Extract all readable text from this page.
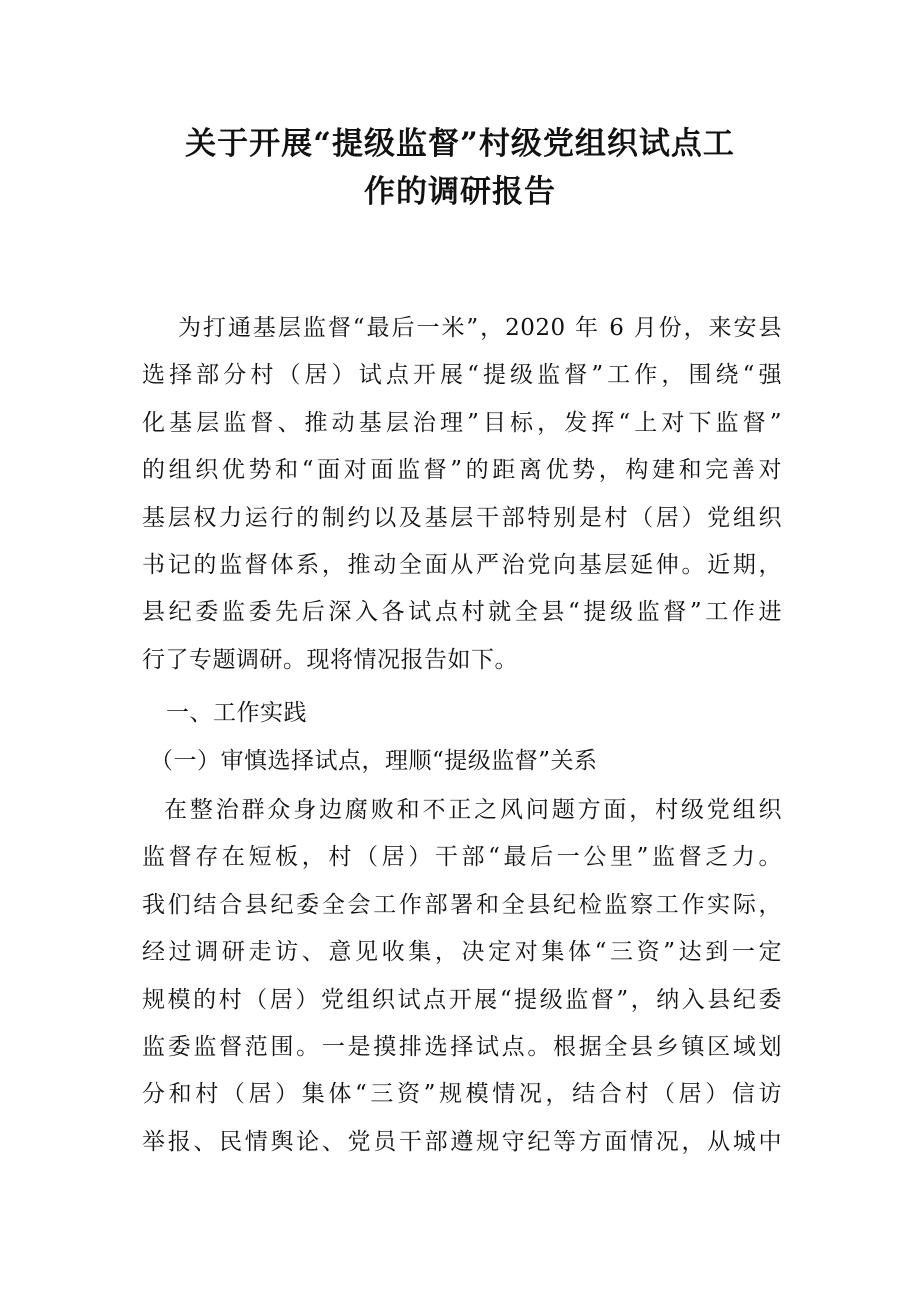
关于开展“提级监督”村级党组织试点工
作的调研报告
为打通基层监督“最后一米”，2020 年 6 月份，来安县
选择部分村（居）试点开展“提级监督”工作，围绕“强
化基层监督、推动基层治理”目标，发挥“上对下监督”
的组织优势和“面对面监督”的距离优势，构建和完善对
基层权力运行的制约以及基层干部特别是村（居）党组织
书记的监督体系，推动全面从严治党向基层延伸。近期，
县纪委监委先后深入各试点村就全县“提级监督”工作进
行了专题调研。现将情况报告如下。
一、工作实践
（一）审慎选择试点，理顺“提级监督”关系
在整治群众身边腐败和不正之风问题方面，村级党组织
监督存在短板，村（居）干部“最后一公里”监督乏力。
我们结合县纪委全会工作部署和全县纪检监察工作实际，
经过调研走访、意见收集，决定对集体“三资”达到一定
规模的村（居）党组织试点开展“提级监督”，纳入县纪委
监委监督范围。一是摸排选择试点。根据全县乡镇区域划
分和村（居）集体“三资”规模情况，结合村（居）信访
举报、民情舆论、党员干部遵规守纪等方面情况，从城中
